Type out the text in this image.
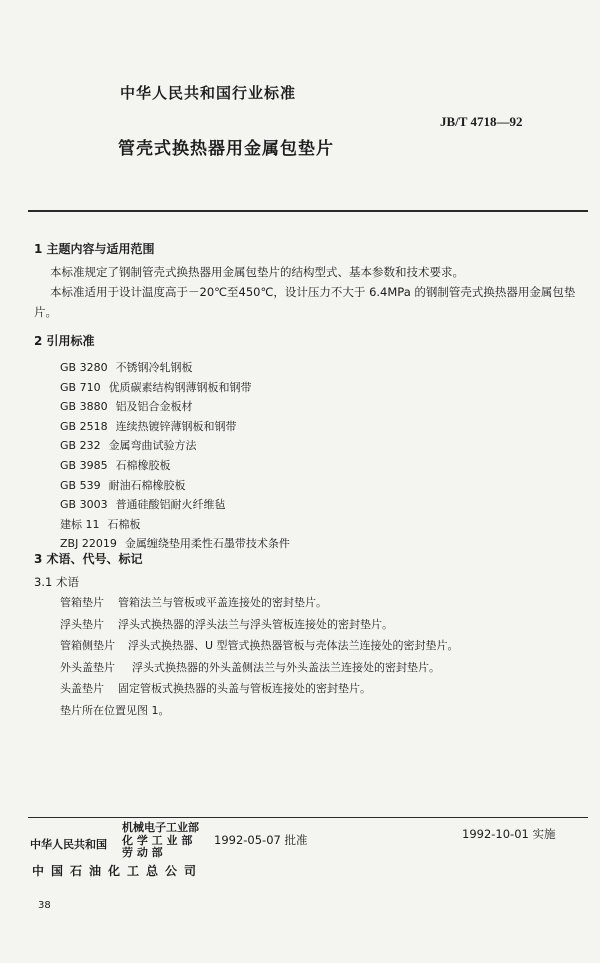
中华人民共和国行业标准
JB/T 4718—92
管壳式换热器用金属包垫片
1 主题内容与适用范围
本标准规定了钢制管壳式换热器用金属包垫片的结构型式、基本参数和技术要求。
本标准适用于设计温度高于－20℃至450℃，设计压力不大于 6.4MPa 的钢制管壳式换热器用金属包垫片。
2 引用标准
GB 3280 不锈钢冷轧钢板
GB 710 优质碳素结构钢薄钢板和钢带
GB 3880 铝及铝合金板材
GB 2518 连续热镀锌薄钢板和钢带
GB 232 金属弯曲试验方法
GB 3985 石棉橡胶板
GB 539 耐油石棉橡胶板
GB 3003 普通硅酸铝耐火纤维毡
建标 11 石棉板
ZBJ 22019 金属缠绕垫用柔性石墨带技术条件
3 术语、代号、标记
3.1 术语
管箱垫片 管箱法兰与管板或平盖连接处的密封垫片。
浮头垫片 浮头式换热器的浮头法兰与浮头管板连接处的密封垫片。
管箱侧垫片 浮头式换热器、U 型管式换热器管板与壳体法兰连接处的密封垫片。
外头盖垫片 浮头式换热器的外头盖侧法兰与外头盖法兰连接处的密封垫片。
头盖垫片 固定管板式换热器的头盖与管板连接处的密封垫片。
垫片所在位置见图 1。
中华人民共和国
机械电子工业部
化 学 工 业 部
劳 动 部
1992-05-07 批准	1992-10-01 实施
中国石油化工总公司
38
